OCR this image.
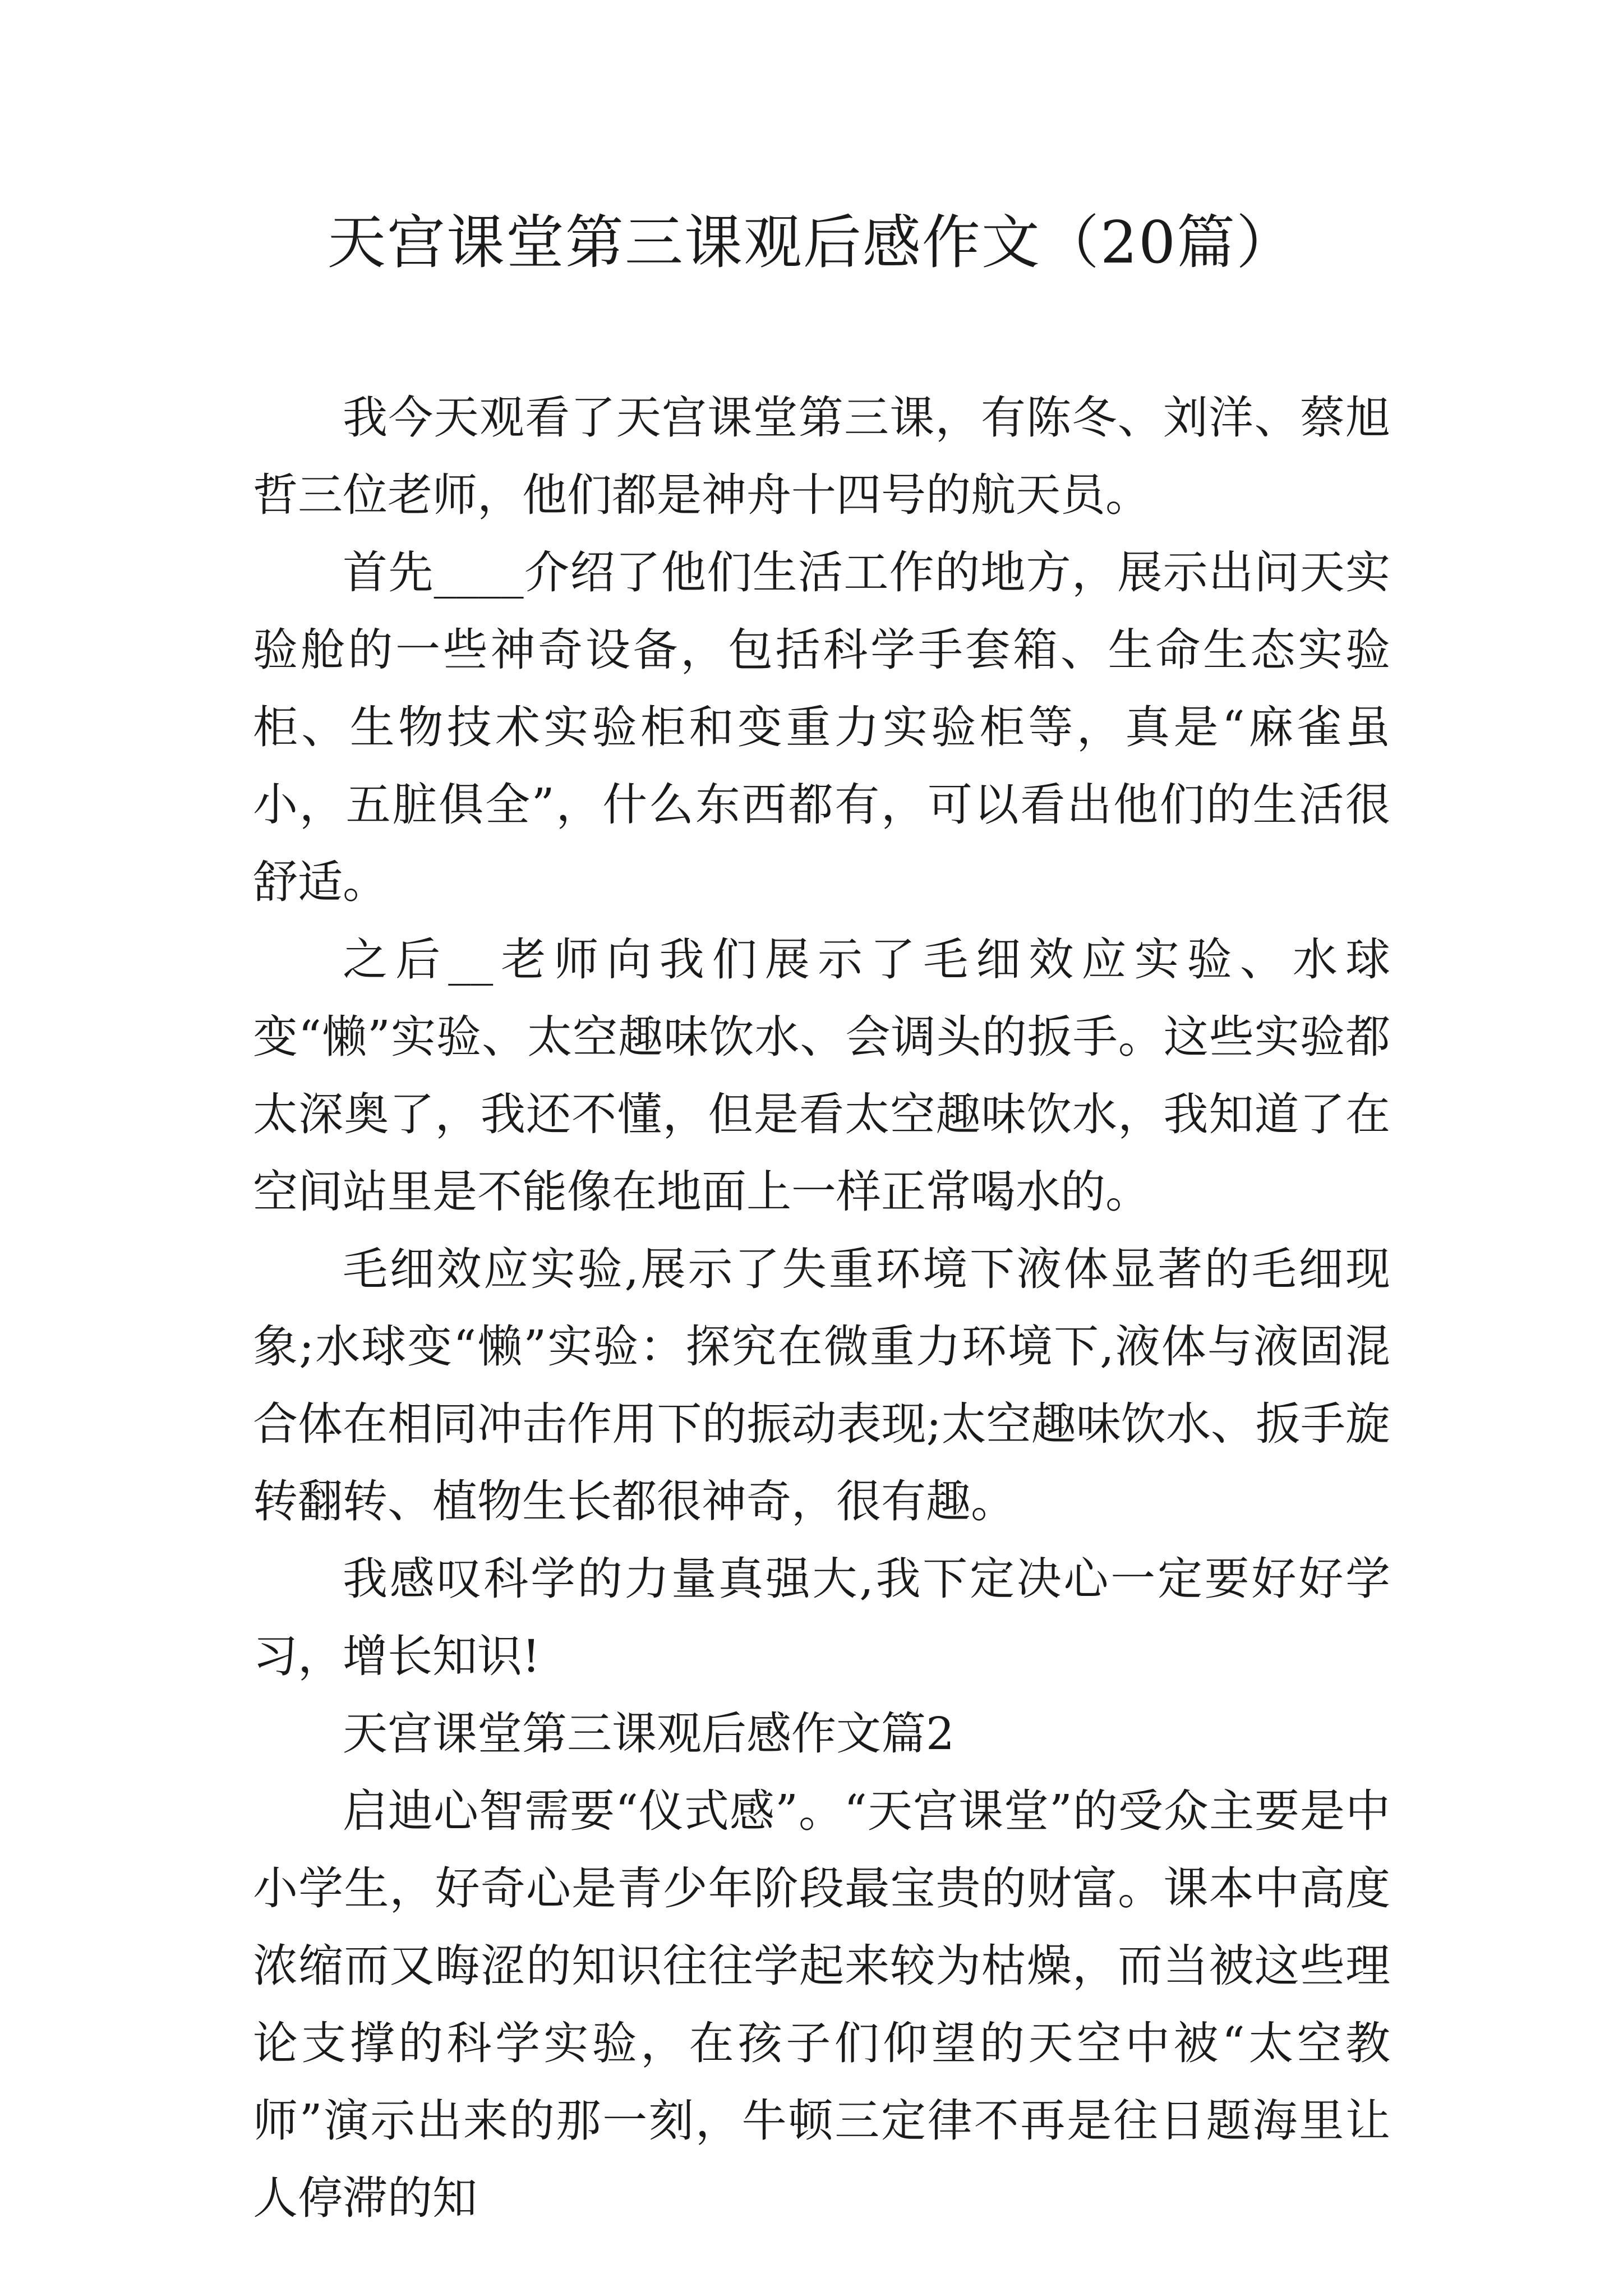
天宫课堂第三课观后感作文（20篇）

我今天观看了天宫课堂第三课，有陈冬、刘洋、蔡旭哲三位老师，他们都是神舟十四号的航天员。

首先____介绍了他们生活工作的地方，展示出问天实验舱的一些神奇设备，包括科学手套箱、生命生态实验柜、生物技术实验柜和变重力实验柜等，真是“麻雀虽小，五脏俱全”，什么东西都有，可以看出他们的生活很舒适。

之后__老师向我们展示了毛细效应实验、水球变“懒”实验、太空趣味饮水、会调头的扳手。这些实验都太深奥了，我还不懂，但是看太空趣味饮水，我知道了在空间站里是不能像在地面上一样正常喝水的。

毛细效应实验,展示了失重环境下液体显著的毛细现象;水球变“懒”实验：探究在微重力环境下,液体与液固混合体在相同冲击作用下的振动表现;太空趣味饮水、扳手旋转翻转、植物生长都很神奇，很有趣。

我感叹科学的力量真强大,我下定决心一定要好好学习，增长知识!

天宫课堂第三课观后感作文篇2

启迪心智需要“仪式感”。“天宫课堂”的受众主要是中小学生，好奇心是青少年阶段最宝贵的财富。课本中高度浓缩而又晦涩的知识往往学起来较为枯燥，而当被这些理论支撑的科学实验，在孩子们仰望的天空中被“太空教师”演示出来的那一刻，牛顿三定律不再是往日题海里让人停滞的知
